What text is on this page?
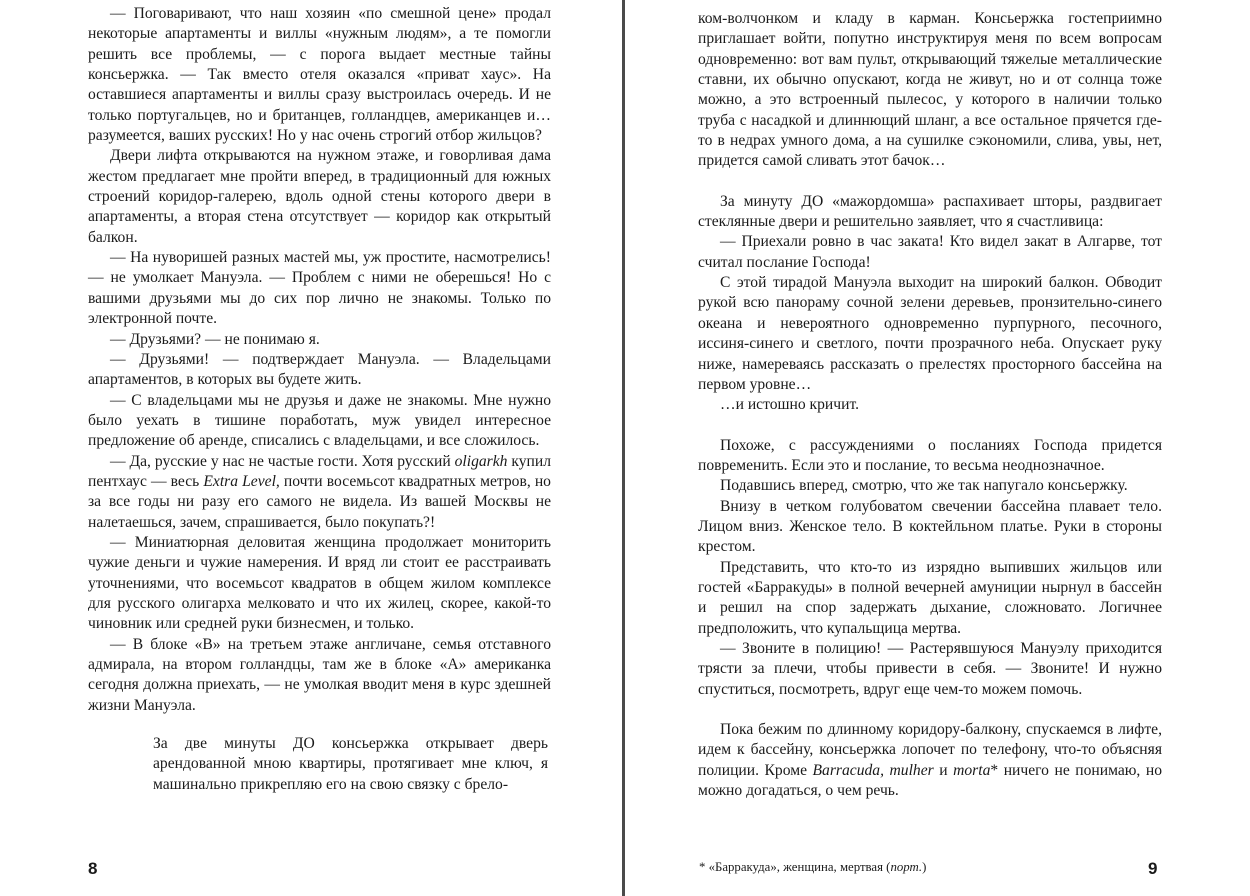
— Поговаривают, что наш хозяин «по смешной цене» продал некоторые апартаменты и виллы «нужным людям», а те помогли решить все проблемы, — с порога выдает местные тайны консьержка. — Так вместо отеля оказался «приват хаус». На оставшиеся апартаменты и виллы сразу выстроилась очередь. И не только португальцев, но и британцев, голландцев, американцев и… разумеется, ваших русских! Но у нас очень строгий отбор жильцов?

Двери лифта открываются на нужном этаже, и говорливая дама жестом предлагает мне пройти вперед, в традиционный для южных строений коридор-галерею, вдоль одной стены которого двери в апартаменты, а вторая стена отсутствует — коридор как открытый балкон.

— На нуворишей разных мастей мы, уж простите, насмотрелись! — не умолкает Мануэла. — Проблем с ними не оберешься! Но с вашими друзьями мы до сих пор лично не знакомы. Только по электронной почте.

— Друзьями? — не понимаю я.

— Друзьями! — подтверждает Мануэла. — Владельцами апартаментов, в которых вы будете жить.

— С владельцами мы не друзья и даже не знакомы. Мне нужно было уехать в тишине поработать, муж увидел интересное предложение об аренде, списались с владельцами, и все сложилось.

— Да, русские у нас не частые гости. Хотя русский oligarkh купил пентхаус — весь Extra Level, почти восемьсот квадратных метров, но за все годы ни разу его самого не видела. Из вашей Москвы не налетаешься, зачем, спрашивается, было покупать?!

— Миниатюрная деловитая женщина продолжает мониторить чужие деньги и чужие намерения. И вряд ли стоит ее расстраивать уточнениями, что восемьсот квадратов в общем жилом комплексе для русского олигарха мелковато и что их жилец, скорее, какой-то чиновник или средней руки бизнесмен, и только.

— В блоке «В» на третьем этаже англичане, семья отставного адмирала, на втором голландцы, там же в блоке «А» американка сегодня должна приехать, — не умолкая вводит меня в курс здешней жизни Мануэла.

За две минуты ДО консьержка открывает дверь арендованной мною квартиры, протягивает мне ключ, я машинально прикрепляю его на свою связку с брело-

8

ком-волчонком и кладу в карман. Консьержка гостеприимно приглашает войти, попутно инструктируя меня по всем вопросам одновременно: вот вам пульт, открывающий тяжелые металлические ставни, их обычно опускают, когда не живут, но и от солнца тоже можно, а это встроенный пылесос, у которого в наличии только труба с насадкой и длиннющий шланг, а все остальное прячется где-то в недрах умного дома, а на сушилке сэкономили, слива, увы, нет, придется самой сливать этот бачок…

За минуту ДО «мажордомша» распахивает шторы, раздвигает стеклянные двери и решительно заявляет, что я счастливица:

— Приехали ровно в час заката! Кто видел закат в Алгарве, тот считал послание Господа!

С этой тирадой Мануэла выходит на широкий балкон. Обводит рукой всю панораму сочной зелени деревьев, пронзительно-синего океана и невероятного одновременно пурпурного, песочного, иссиня-синего и светлого, почти прозрачного неба. Опускает руку ниже, намереваясь рассказать о прелестях просторного бассейна на первом уровне…

…и истошно кричит.

Похоже, с рассуждениями о посланиях Господа придется повременить. Если это и послание, то весьма неоднозначное.

Подавшись вперед, смотрю, что же так напугало консьержку.

Внизу в четком голубоватом свечении бассейна плавает тело. Лицом вниз. Женское тело. В коктейльном платье. Руки в стороны крестом.

Представить, что кто-то из изрядно выпивших жильцов или гостей «Барракуды» в полной вечерней амуниции нырнул в бассейн и решил на спор задержать дыхание, сложновато. Логичнее предположить, что купальщица мертва.

— Звоните в полицию! — Растерявшуюся Мануэлу приходится трясти за плечи, чтобы привести в себя. — Звоните! И нужно спуститься, посмотреть, вдруг еще чем-то можем помочь.

Пока бежим по длинному коридору-балкону, спускаемся в лифте, идем к бассейну, консьержка лопочет по телефону, что-то объясняя полиции. Кроме Barracuda, mulher и morta* ничего не понимаю, но можно догадаться, о чем речь.

* «Барракуда», женщина, мертвая (порт.)	9
